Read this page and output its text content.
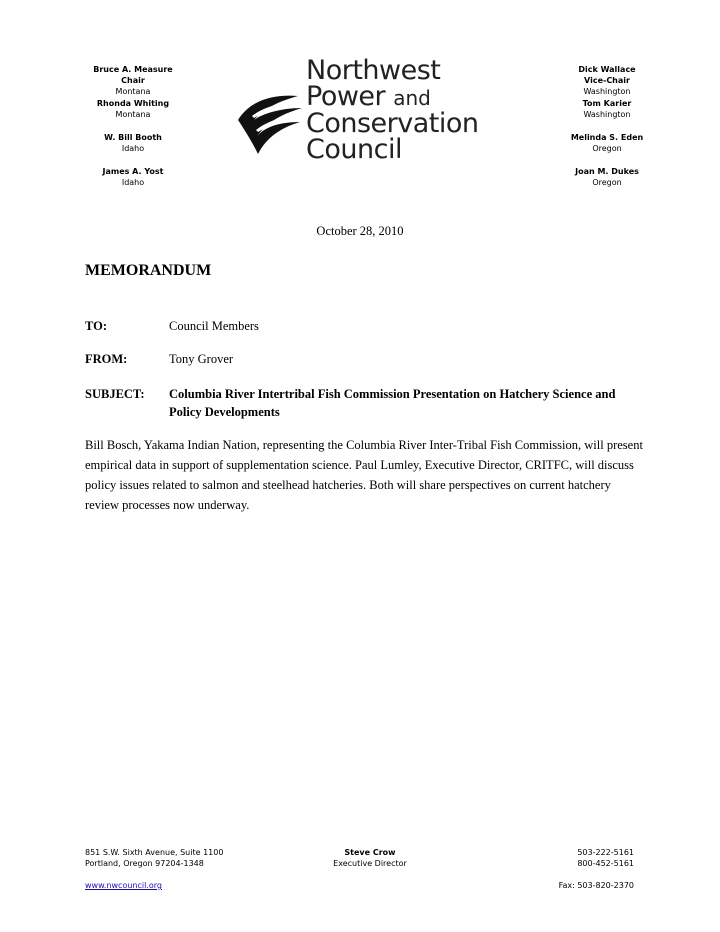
Bruce A. Measure
Chair
Montana
Rhonda Whiting
Montana
W. Bill Booth
Idaho
James A. Yost
Idaho
Northwest
Power and
Conservation
Council
Dick Wallace
Vice-Chair
Washington
Tom Karier
Washington
Melinda S. Eden
Oregon
Joan M. Dukes
Oregon
October 28, 2010
MEMORANDUM
TO:	Council Members
FROM:	Tony Grover
SUBJECT: Columbia River Intertribal Fish Commission Presentation on Hatchery Science and Policy Developments
Bill Bosch, Yakama Indian Nation, representing the Columbia River Inter-Tribal Fish Commission, will present empirical data in support of supplementation science. Paul Lumley, Executive Director, CRITFC, will discuss policy issues related to salmon and steelhead hatcheries. Both will share perspectives on current hatchery review processes now underway.
851 S.W. Sixth Avenue, Suite 1100
Portland, Oregon 97204-1348
Steve Crow
Executive Director
503-222-5161
800-452-5161
www.nwcouncil.org	Fax: 503-820-2370
